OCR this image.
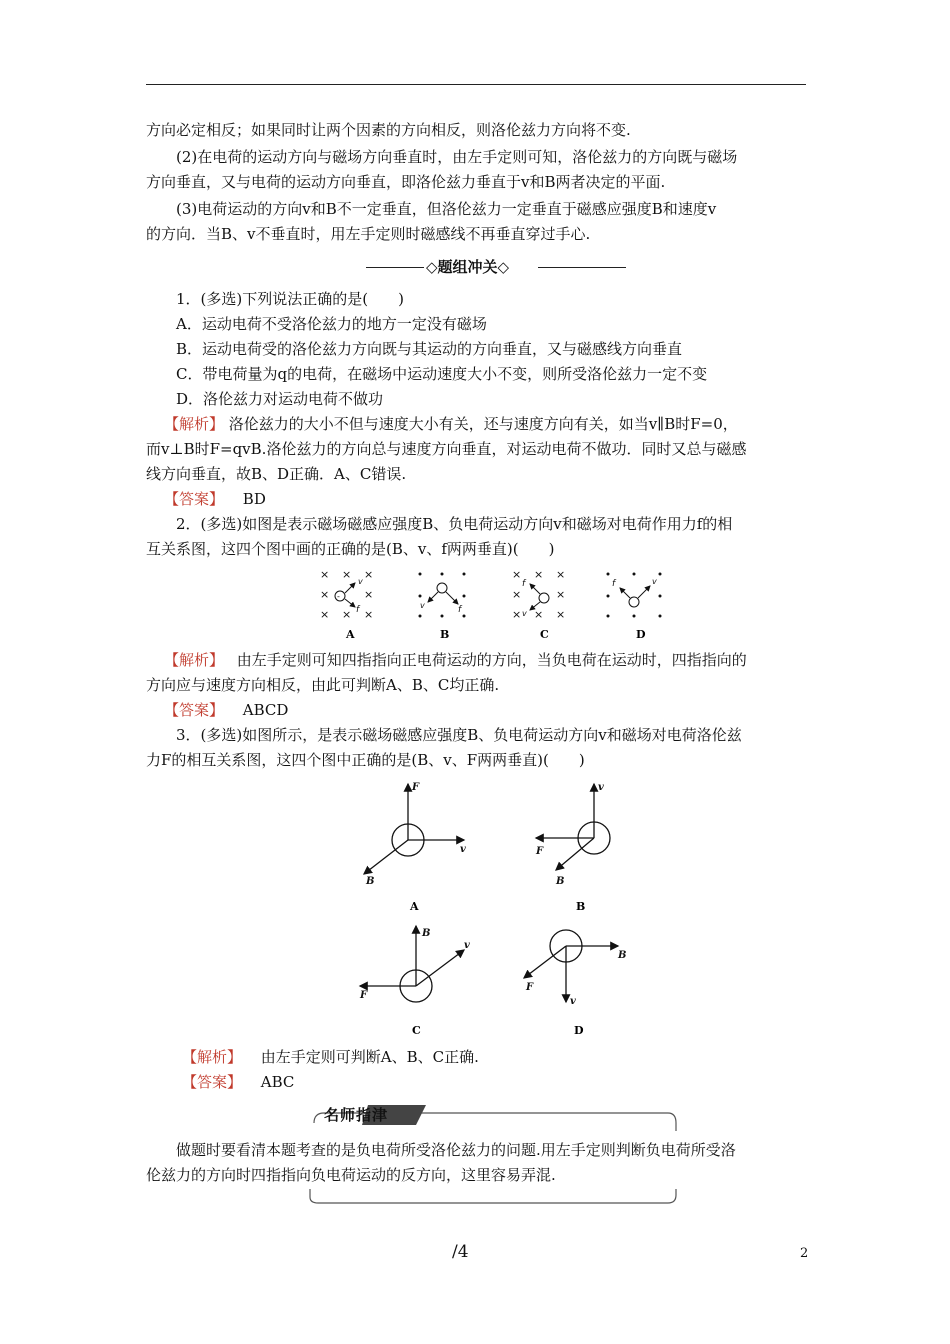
方向必定相反；如果同时让两个因素的方向相反，则洛伦兹力方向将不变.
(2)在电荷的运动方向与磁场方向垂直时，由左手定则可知，洛伦兹力的方向既与磁场
方向垂直，又与电荷的运动方向垂直，即洛伦兹力垂直于v和B两者决定的平面.
(3)电荷运动的方向v和B不一定垂直，但洛伦兹力一定垂直于磁感应强度B和速度v
的方向．当B、v不垂直时，用左手定则时磁感线不再垂直穿过手心.
◇题组冲关◇
1．(多选)下列说法正确的是(　　)
A．运动电荷不受洛伦兹力的地方一定没有磁场
B．运动电荷受的洛伦兹力方向既与其运动的方向垂直，又与磁感线方向垂直
C．带电荷量为q的电荷，在磁场中运动速度大小不变，则所受洛伦兹力一定不变
D．洛伦兹力对运动电荷不做功
【解析】 洛伦兹力的大小不但与速度大小有关，还与速度方向有关，如当v∥B时F=0，
而v⊥B时F=qvB.洛伦兹力的方向总与速度方向垂直，对运动电荷不做功．同时又总与磁感
线方向垂直，故B、D正确．A、C错误.
【答案】 BD
2．(多选)如图是表示磁场磁感应强度B、负电荷运动方向v和磁场对电荷作用力f的相
互关系图，这四个图中画的正确的是(B、v、f两两垂直)(　　)
× × ×
×	×
× × ×
-
v
f	v	f
× × ×
×	×
× × ×
f
v
f	v
A	B	C	D
【解析】 由左手定则可知四指指向正电荷运动的方向，当负电荷在运动时，四指指向的
方向应与速度方向相反，由此可判断A、B、C均正确.
【答案】 ABCD
3．(多选)如图所示，是表示磁场磁感应强度B、负电荷运动方向v和磁场对电荷洛伦兹
力F的相互关系图，这四个图中正确的是(B、v、F两两垂直)(　　)
F
v
B
v
F
B
A	B
B
v
F
B
v
F
C	D
【解析】 由左手定则可判断A、B、C正确.
【答案】 ABC
名师指津
做题时要看清本题考查的是负电荷所受洛伦兹力的问题.用左手定则判断负电荷所受洛
伦兹力的方向时四指指向负电荷运动的反方向，这里容易弄混.
/4	2
